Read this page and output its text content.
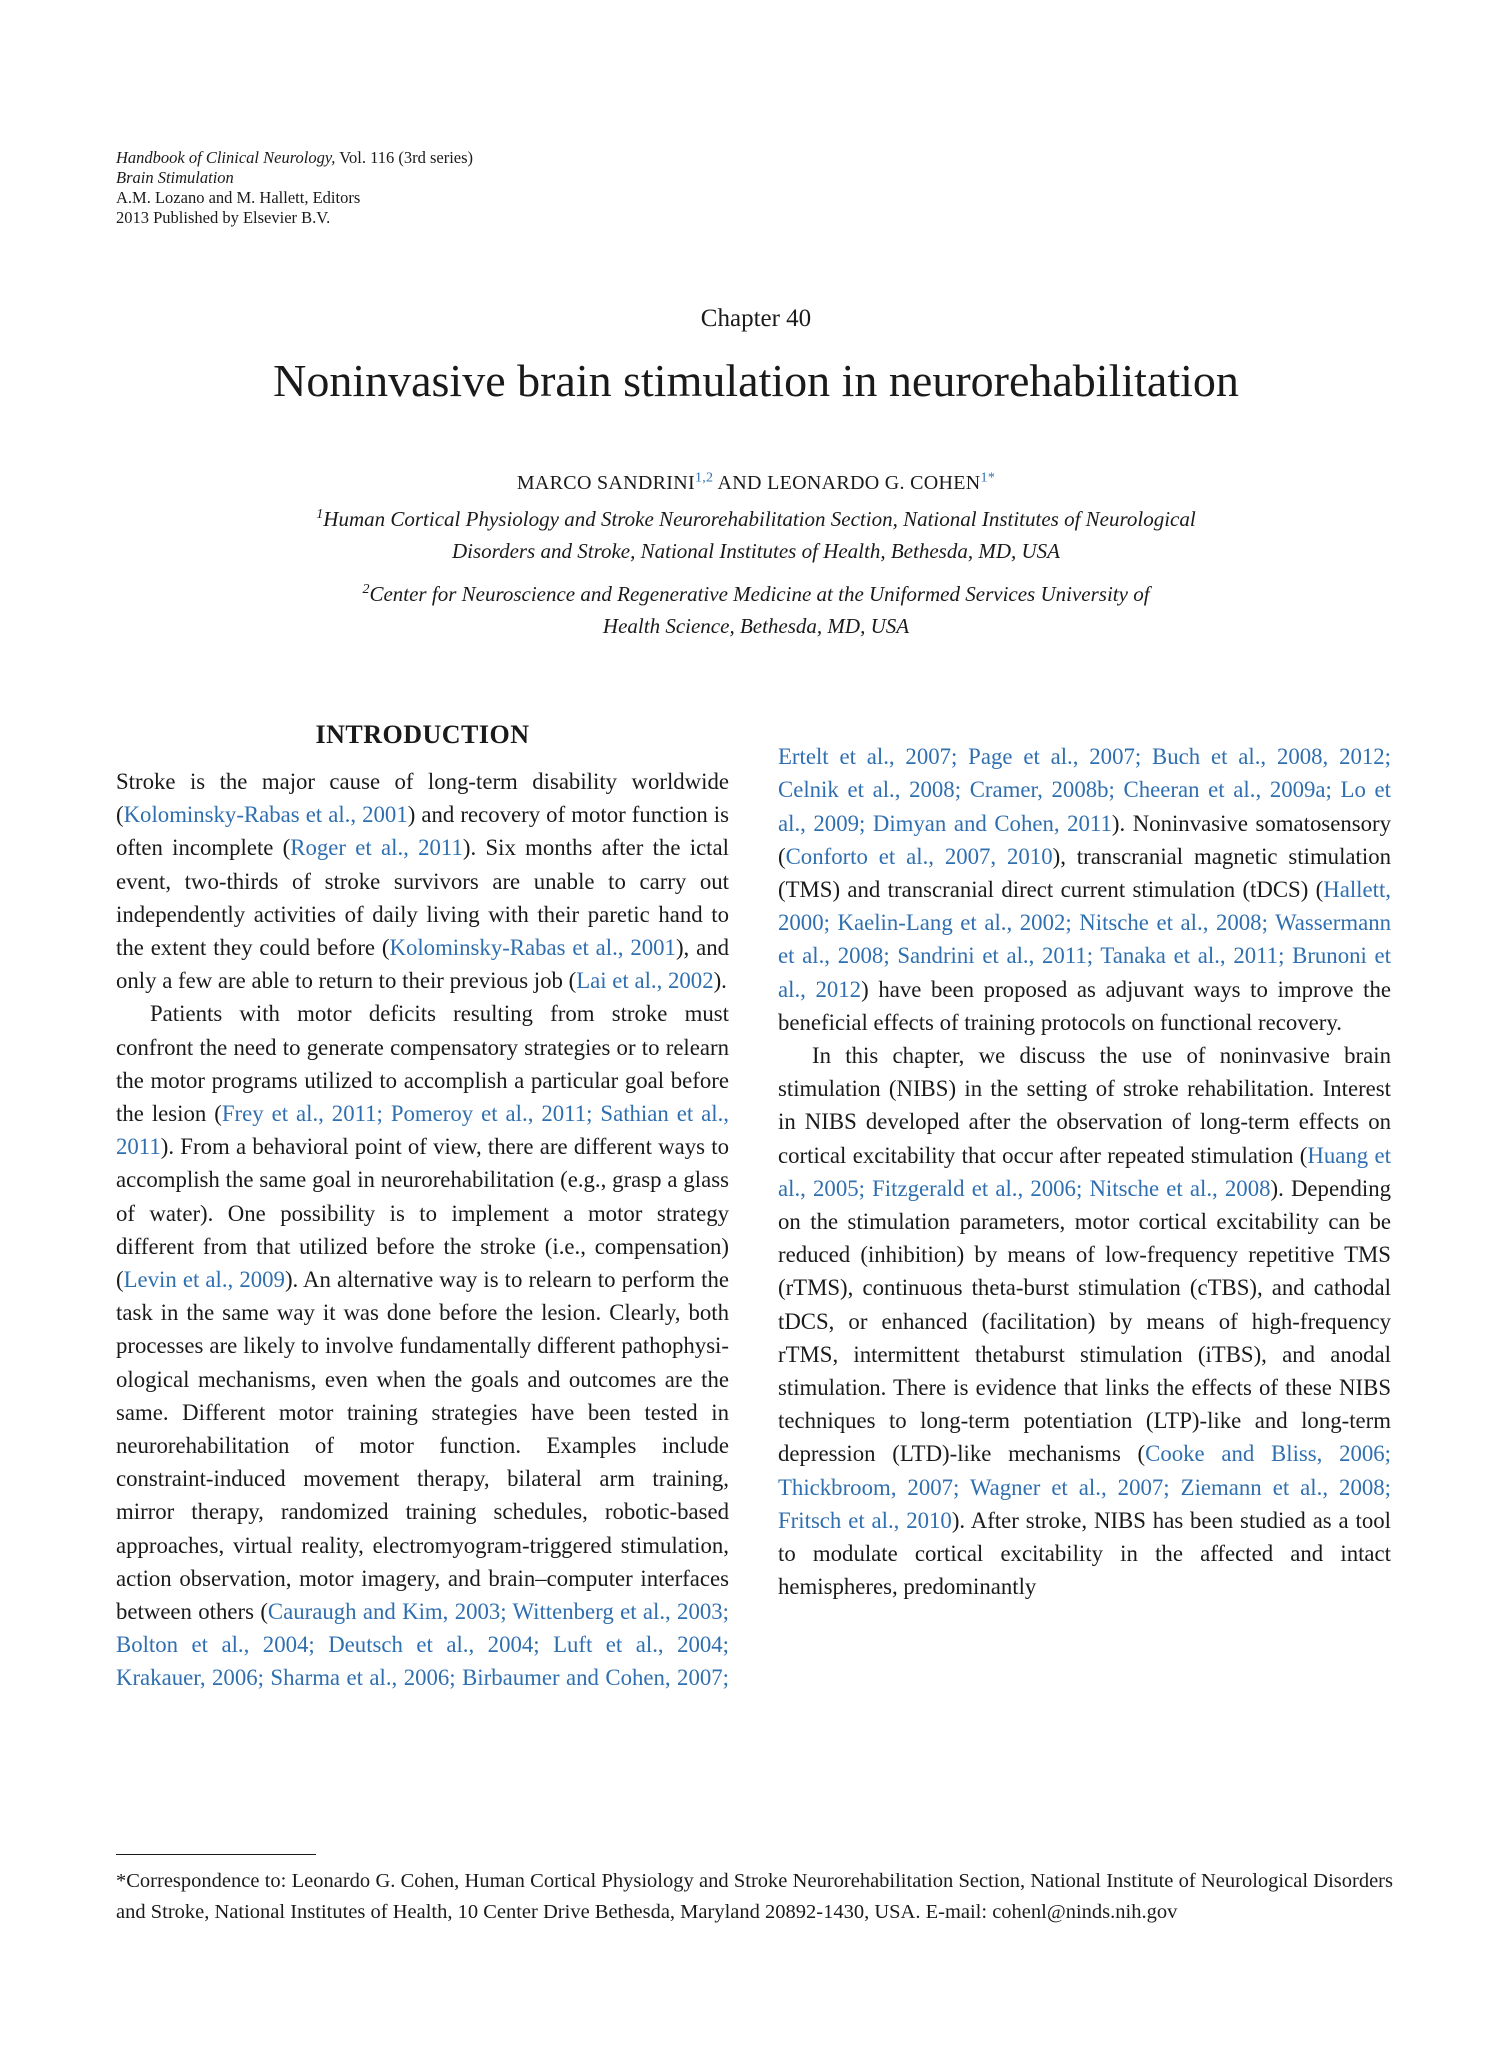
Handbook of Clinical Neurology, Vol. 116 (3rd series)
Brain Stimulation
A.M. Lozano and M. Hallett, Editors
2013 Published by Elsevier B.V.
Chapter 40
Noninvasive brain stimulation in neurorehabilitation
MARCO SANDRINI$^{1,2}$ AND LEONARDO G. $COHEN^{1*}$
$^1$Human Cortical Physiology and Stroke Neurorehabilitation Section, National Institutes of Neurological
Disorders and Stroke, National Institutes of Health, Bethesda, MD, USA
$^2$Center for Neuroscience and Regenerative Medicine at the Uniformed Services University of
Health Science, Bethesda, MD, USA
INTRODUCTION

Stroke is the major cause of long-term disability worldwide (Kolominsky-Rabas et al., 2001) and recovery of motor function is often incomplete (Roger et al., 2011). Six months after the ictal event, two-thirds of stroke survivors are unable to carry out independently activities of daily living with their paretic hand to the extent they could before (Kolominsky-Rabas et al., 2001), and only a few are able to return to their previous job (Lai et al., 2002).

Patients with motor deficits resulting from stroke must confront the need to generate compensatory strategies or to relearn the motor programs utilized to accomplish a particular goal before the lesion (Frey et al., 2011; Pomeroy et al., 2011; Sathian et al., 2011). From a behavioral point of view, there are different ways to accomplish the same goal in neurorehabilitation (e.g., grasp a glass of water). One possibility is to implement a motor strategy different from that utilized before the stroke (i.e., compensation) (Levin et al., 2009). An alternative way is to relearn to perform the task in the same way it was done before the lesion. Clearly, both processes are likely to involve fundamentally different pathophysiological mechanisms, even when the goals and outcomes are the same. Different motor training strategies have been tested in neurorehabilitation of motor function. Examples include constraint-induced movement therapy, bilateral arm training, mirror therapy, randomized training schedules, robotic-based approaches, virtual reality, electromyogram-triggered stimulation, action observation, motor imagery, and brain–computer interfaces between others (Cauraugh and Kim, 2003; Wittenberg et al., 2003; Bolton et al., 2004; Deutsch et al., 2004; Luft et al., 2004; Krakauer, 2006; Sharma et al., 2006; Birbaumer and Cohen, 2007;

Ertelt et al., 2007; Page et al., 2007; Buch et al., 2008, 2012; Celnik et al., 2008; Cramer, 2008b; Cheeran et al., 2009a; Lo et al., 2009; Dimyan and Cohen, 2011). Noninvasive somatosensory (Conforto et al., 2007, 2010), transcranial magnetic stimulation (TMS) and transcranial direct current stimulation (tDCS) (Hallett, 2000; Kaelin-Lang et al., 2002; Nitsche et al., 2008; Wassermann et al., 2008; Sandrini et al., 2011; Tanaka et al., 2011; Brunoni et al., 2012) have been proposed as adjuvant ways to improve the beneficial effects of training protocols on functional recovery.

In this chapter, we discuss the use of noninvasive brain stimulation (NIBS) in the setting of stroke rehabilitation. Interest in NIBS developed after the observation of long-term effects on cortical excitability that occur after repeated stimulation (Huang et al., 2005; Fitzgerald et al., 2006; Nitsche et al., 2008). Depending on the stimulation parameters, motor cortical excitability can be reduced (inhibition) by means of low-frequency repetitive TMS (rTMS), continuous theta-burst stimulation (cTBS), and cathodal tDCS, or enhanced (facilitation) by means of high-frequency rTMS, intermittent thetaburst stimulation (iTBS), and anodal stimulation. There is evidence that links the effects of these NIBS techniques to long-term potentiation (LTP)-like and long-term depression (LTD)-like mechanisms (Cooke and Bliss, 2006; Thickbroom, 2007; Wagner et al., 2007; Ziemann et al., 2008; Fritsch et al., 2010). After stroke, NIBS has been studied as a tool to modulate cortical excitability in the affected and intact hemispheres, predominantly

*Correspondence to: Leonardo G. Cohen, Human Cortical Physiology and Stroke Neurorehabilitation Section, National Institute of Neurological Disorders and Stroke, National Institutes of Health, 10 Center Drive Bethesda, Maryland 20892-1430, USA. E-mail: cohenl@ninds.nih.gov
